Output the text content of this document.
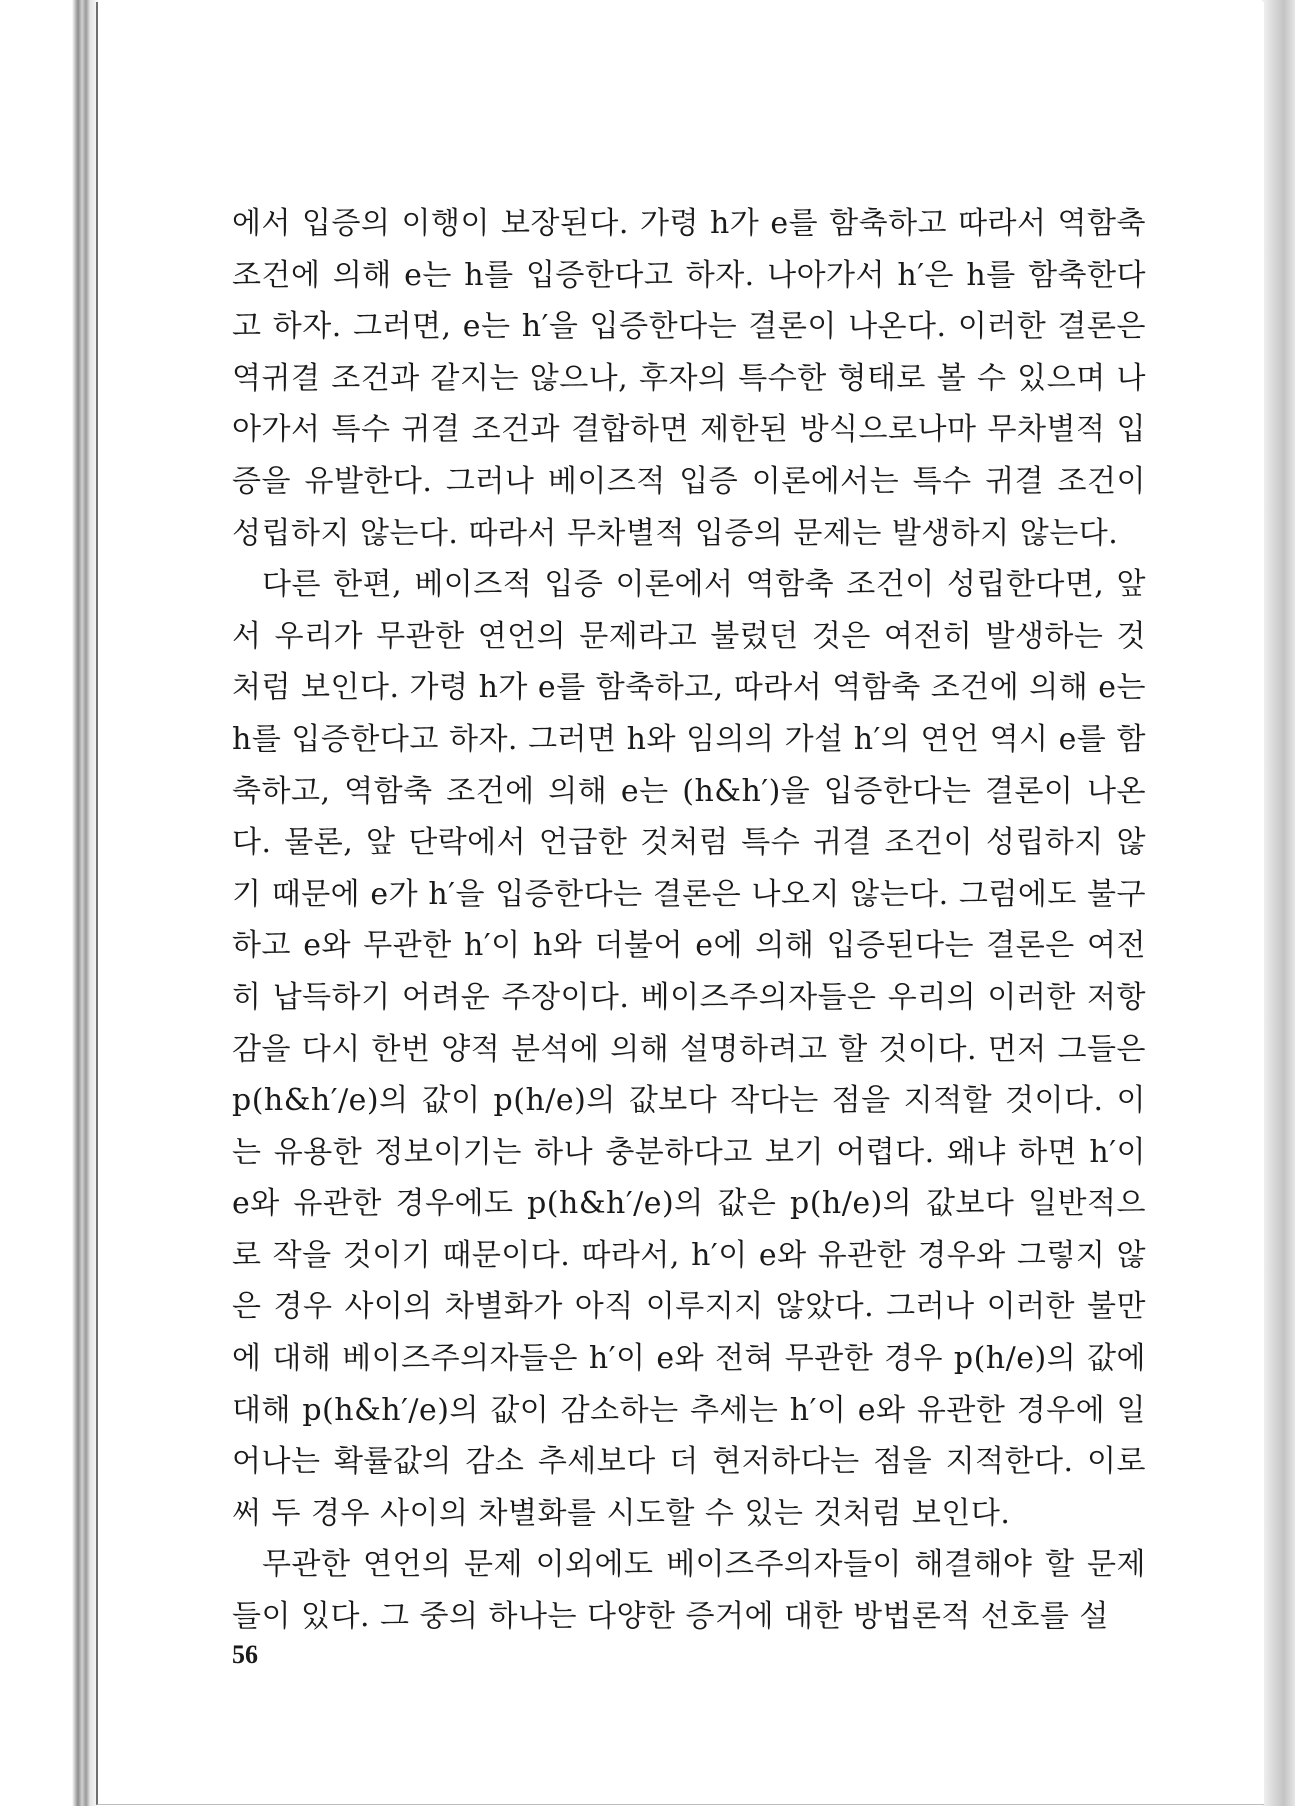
에서 입증의 이행이 보장된다. 가령 h가 e를 함축하고 따라서 역함축 조건에 의해 e는 h를 입증한다고 하자. 나아가서 h′은 h를 함축한다고 하자. 그러면, e는 h′을 입증한다는 결론이 나온다. 이러한 결론은 역귀결 조건과 같지는 않으나, 후자의 특수한 형태로 볼 수 있으며 나아가서 특수 귀결 조건과 결합하면 제한된 방식으로나마 무차별적 입증을 유발한다. 그러나 베이즈적 입증 이론에서는 특수 귀결 조건이 성립하지 않는다. 따라서 무차별적 입증의 문제는 발생하지 않는다.

다른 한편, 베이즈적 입증 이론에서 역함축 조건이 성립한다면, 앞서 우리가 무관한 연언의 문제라고 불렀던 것은 여전히 발생하는 것처럼 보인다. 가령 h가 e를 함축하고, 따라서 역함축 조건에 의해 e는 h를 입증한다고 하자. 그러면 h와 임의의 가설 h′의 연언 역시 e를 함축하고, 역함축 조건에 의해 e는 (h&h′)을 입증한다는 결론이 나온다. 물론, 앞 단락에서 언급한 것처럼 특수 귀결 조건이 성립하지 않기 때문에 e가 h′을 입증한다는 결론은 나오지 않는다. 그럼에도 불구하고 e와 무관한 h′이 h와 더불어 e에 의해 입증된다는 결론은 여전히 납득하기 어려운 주장이다. 베이즈주의자들은 우리의 이러한 저항감을 다시 한번 양적 분석에 의해 설명하려고 할 것이다. 먼저 그들은 p(h&h′/e)의 값이 p(h/e)의 값보다 작다는 점을 지적할 것이다. 이는 유용한 정보이기는 하나 충분하다고 보기 어렵다. 왜냐 하면 h′이 e와 유관한 경우에도 p(h&h′/e)의 값은 p(h/e)의 값보다 일반적으로 작을 것이기 때문이다. 따라서, h′이 e와 유관한 경우와 그렇지 않은 경우 사이의 차별화가 아직 이루지지 않았다. 그러나 이러한 불만에 대해 베이즈주의자들은 h′이 e와 전혀 무관한 경우 p(h/e)의 값에 대해 p(h&h′/e)의 값이 감소하는 추세는 h′이 e와 유관한 경우에 일어나는 확률값의 감소 추세보다 더 현저하다는 점을 지적한다. 이로써 두 경우 사이의 차별화를 시도할 수 있는 것처럼 보인다.

무관한 연언의 문제 이외에도 베이즈주의자들이 해결해야 할 문제들이 있다. 그 중의 하나는 다양한 증거에 대한 방법론적 선호를 설

56
